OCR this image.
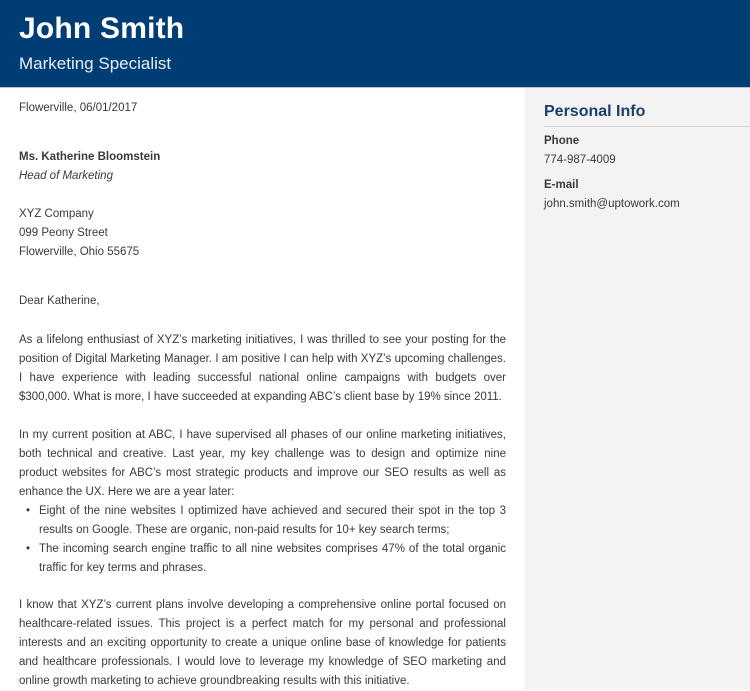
John Smith
Marketing Specialist
Flowerville, 06/01/2017
Ms. Katherine Bloomstein
Head of Marketing
XYZ Company
099 Peony Street
Flowerville, Ohio 55675
Dear Katherine,

As a lifelong enthusiast of XYZ’s marketing initiatives, I was thrilled to see your posting for the position of Digital Marketing Manager. I am positive I can help with XYZ’s upcoming challenges. I have experience with leading successful national online campaigns with budgets over $300,000. What is more, I have succeeded at expanding ABC’s client base by 19% since 2011.

In my current position at ABC, I have supervised all phases of our online marketing initiatives, both technical and creative. Last year, my key challenge was to design and optimize nine product websites for ABC’s most strategic products and improve our SEO results as well as enhance the UX. Here we are a year later:

• Eight of the nine websites I optimized have achieved and secured their spot in the top 3 results on Google. These are organic, non-paid results for 10+ key search terms;
• The incoming search engine traffic to all nine websites comprises 47% of the total organic traffic for key terms and phrases.

I know that XYZ’s current plans involve developing a comprehensive online portal focused on healthcare-related issues. This project is a perfect match for my personal and professional interests and an exciting opportunity to create a unique online base of knowledge for patients and healthcare professionals. I would love to leverage my knowledge of SEO marketing and online growth marketing to achieve groundbreaking results with this initiative.

Personal Info
Phone
774-987-4009
E-mail
john.smith@uptowork.com
